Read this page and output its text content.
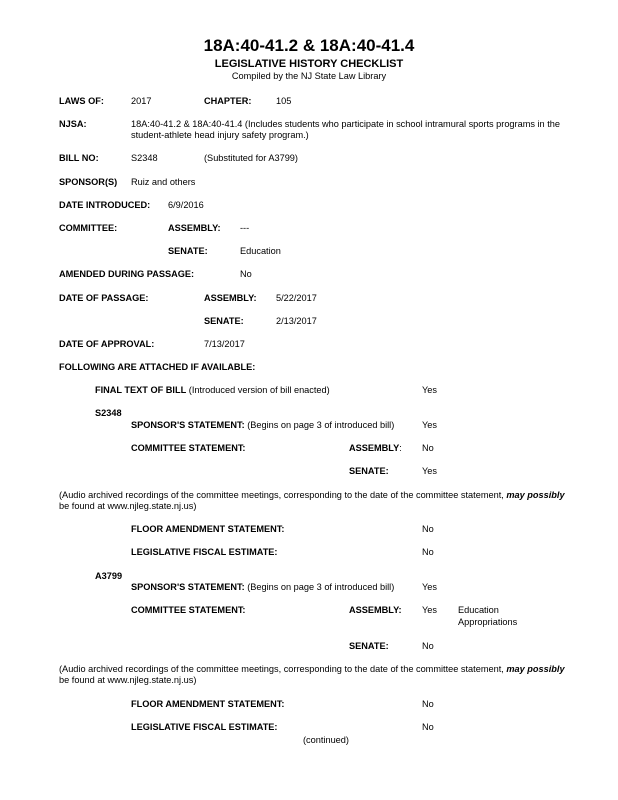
18A:40-41.2 & 18A:40-41.4
LEGISLATIVE HISTORY CHECKLIST
Compiled by the NJ State Law Library
LAWS OF:	2017	CHAPTER:	105
NJSA:	18A:40-41.2 & 18A:40-41.4 (Includes students who participate in school intramural sports programs in the
student-athlete head injury safety program.)
BILL NO:	S2348	(Substituted for A3799)
SPONSOR(S) Ruiz and others
DATE INTRODUCED: 6/9/2016
COMMITTEE:	ASSEMBLY: ---
SENATE:	Education
AMENDED DURING PASSAGE:	No
DATE OF PASSAGE:	ASSEMBLY: 5/22/2017
SENATE:	2/13/2017
DATE OF APPROVAL:	7/13/2017
FOLLOWING ARE ATTACHED IF AVAILABLE:
FINAL TEXT OF BILL (Introduced version of bill enacted)	Yes
S2348
SPONSOR'S STATEMENT: (Begins on page 3 of introduced bill)	Yes
COMMITTEE STATEMENT:	ASSEMBLY: No
SENATE:	Yes
(Audio archived recordings of the committee meetings, corresponding to the date of the committee statement, may possibly
be found at www.njleg.state.nj.us)
FLOOR AMENDMENT STATEMENT:	No
LEGISLATIVE FISCAL ESTIMATE:	No
A3799
SPONSOR'S STATEMENT: (Begins on page 3 of introduced bill)	Yes
COMMITTEE STATEMENT:	ASSEMBLY: Yes Education
Appropriations
SENATE:	No
(Audio archived recordings of the committee meetings, corresponding to the date of the committee statement, may possibly
be found at www.njleg.state.nj.us)
FLOOR AMENDMENT STATEMENT:	No
LEGISLATIVE FISCAL ESTIMATE:	No
(continued)
